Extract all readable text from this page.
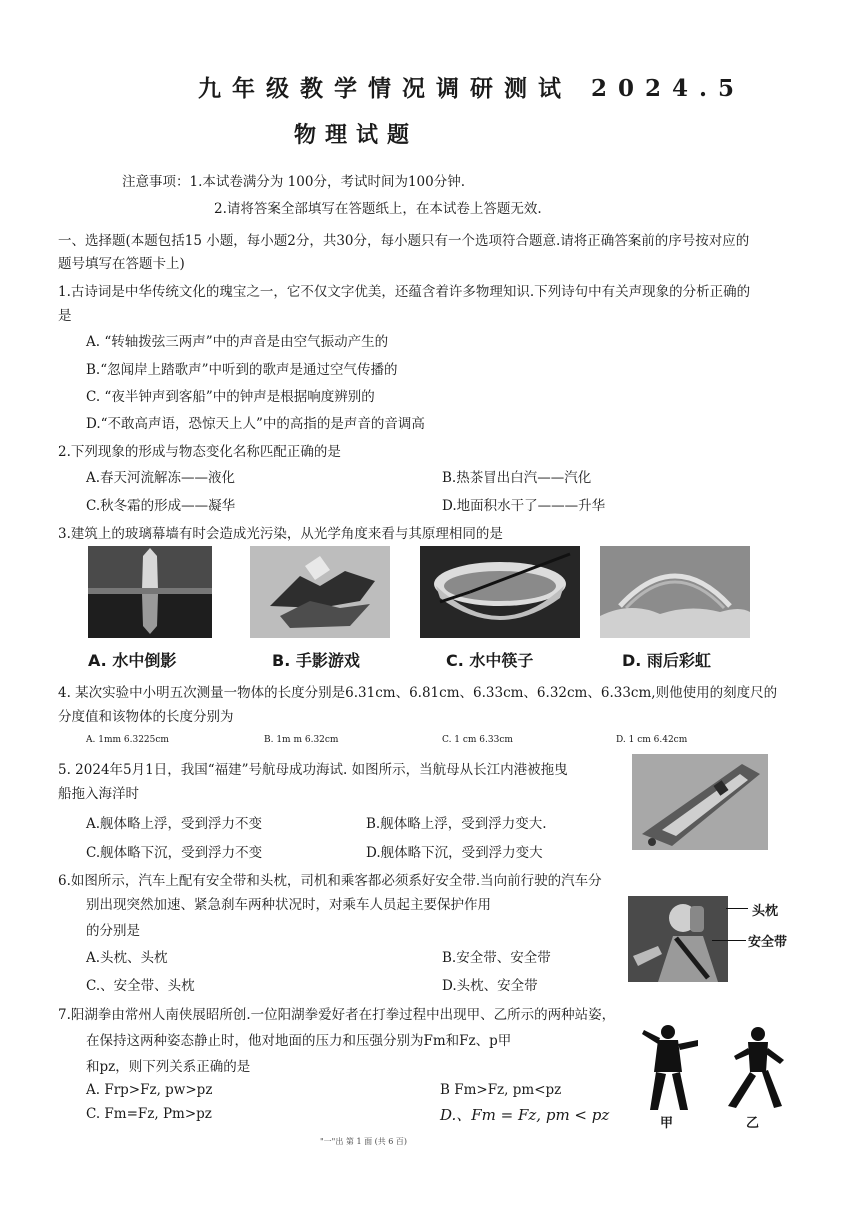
九年级教学情况调研测试 2024.5
物理试题
注意事项：1.本试卷满分为 100分，考试时间为100分钟.
2.请将答案全部填写在答题纸上，在本试卷上答题无效.
一、选择题(本题包括15 小题，每小题2分，共30分，每小题只有一个选项符合题意.请将正确答案前的序号按对应的
题号填写在答题卡上)
1.古诗词是中华传统文化的瑰宝之一，它不仅文字优美，还蕴含着许多物理知识.下列诗句中有关声现象的分析正确的
是
A. “转轴拨弦三两声”中的声音是由空气振动产生的
B.“忽闻岸上踏歌声”中听到的歌声是通过空气传播的
C. “夜半钟声到客船”中的钟声是根据响度辨别的
D.“不敢高声语，恐惊天上人”中的高指的是声音的音调高
2.下列现象的形成与物态变化名称匹配正确的是
A.春天河流解冻——液化	B.热茶冒出白汽——汽化
C.秋冬霜的形成——凝华	D.地面积水干了———升华
3.建筑上的玻璃幕墙有时会造成光污染，从光学角度来看与其原理相同的是
A. 水中倒影	B. 手影游戏	C. 水中筷子	D. 雨后彩虹
4. 某次实验中小明五次测量一物体的长度分别是6.31cm、6.81cm、6.33cm、6.32cm、6.33cm,则他使用的刻度尺的
分度值和该物体的长度分别为
A. 1mm 6.3225cm	B. 1m m 6.32cm	C. 1 cm 6.33cm	D. 1 cm 6.42cm
5. 2024年5月1日，我国“福建”号航母成功海试. 如图所示，当航母从长江内港被拖曳
船拖入海洋时
A.舰体略上浮，受到浮力不变	B.舰体略上浮，受到浮力变大.
C.舰体略下沉，受到浮力不变	D.舰体略下沉，受到浮力变大
6.如图所示，汽车上配有安全带和头枕，司机和乘客都必须系好安全带.当向前行驶的汽车分
别出现突然加速、紧急刹车两种状况时，对乘车人员起主要保护作用
的分别是
A.头枕、头枕	B.安全带、安全带
C.、安全带、头枕	D.头枕、安全带
头枕
安全带
7.阳湖拳由常州人南侠展昭所创.一位阳湖拳爱好者在打拳过程中出现甲、乙所示的两种站姿，
在保持这两种姿态静止时，他对地面的压力和压强分别为Fm和Fz、p甲
和pz，则下列关系正确的是
A. Frp>Fz, pw>pz	B Fm>Fz, pm<pz
C. Fm=Fz, Pm>pz	D.、Fm = Fz, pm < pz	甲	乙
"一"出 第 1 面 (共 6 百)
